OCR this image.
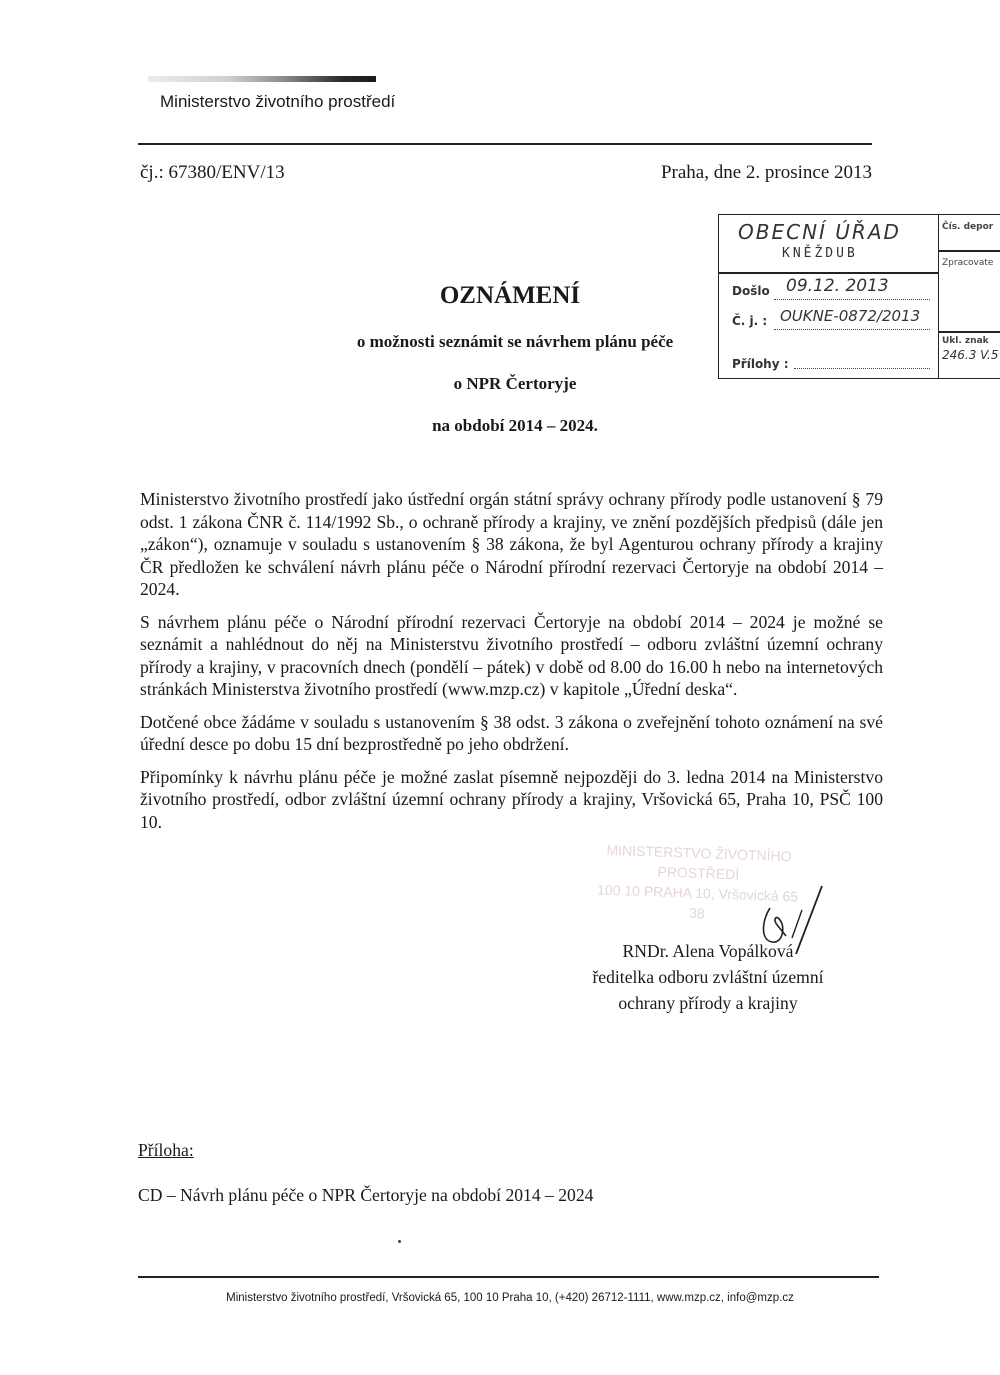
Ministerstvo životního prostředí
čj.: 67380/ENV/13	Praha, dne 2. prosince 2013
OBECNÍ ÚŘAD
KNĚŽDUB
Došlo 09.12. 2013
Č. j. : OUKNE-0872/2013
Přílohy :
Čís. depor
Zpracovate
Ukl. znak
246.3 V.5
OZNÁMENÍ
o možnosti seznámit se návrhem plánu péče
o NPR Čertoryje
na období 2014 – 2024.

Ministerstvo životního prostředí jako ústřední orgán státní správy ochrany přírody podle ustanovení § 79 odst. 1 zákona ČNR č. 114/1992 Sb., o ochraně přírody a krajiny, ve znění pozdějších předpisů (dále jen „zákon“), oznamuje v souladu s ustanovením § 38 zákona, že byl Agenturou ochrany přírody a krajiny ČR předložen ke schválení návrh plánu péče o Národní přírodní rezervaci Čertoryje na období 2014 – 2024.

S návrhem plánu péče o Národní přírodní rezervaci Čertoryje na období 2014 – 2024 je možné se seznámit a nahlédnout do něj na Ministerstvu životního prostředí – odboru zvláštní územní ochrany přírody a krajiny, v pracovních dnech (pondělí – pátek) v době od 8.00 do 16.00 h nebo na internetových stránkách Ministerstva životního prostředí (www.mzp.cz) v kapitole „Úřední deska“.

Dotčené obce žádáme v souladu s ustanovením § 38 odst. 3 zákona o zveřejnění tohoto oznámení na své úřední desce po dobu 15 dní bezprostředně po jeho obdržení.

Připomínky k návrhu plánu péče je možné zaslat písemně nejpozději do 3. ledna 2014 na Ministerstvo životního prostředí, odbor zvláštní územní ochrany přírody a krajiny, Vršovická 65, Praha 10, PSČ 100 10.

MINISTERSTVO ŽIVOTNÍHO PROSTŘEDÍ
100 10 PRAHA 10, Vršovická 65
38
RNDr. Alena Vopálková
ředitelka odboru zvláštní územní
ochrany přírody a krajiny
Příloha:
CD – Návrh plánu péče o NPR Čertoryje na období 2014 – 2024
Ministerstvo životního prostředí, Vršovická 65, 100 10 Praha 10, (+420) 26712-1111, www.mzp.cz, info@mzp.cz
